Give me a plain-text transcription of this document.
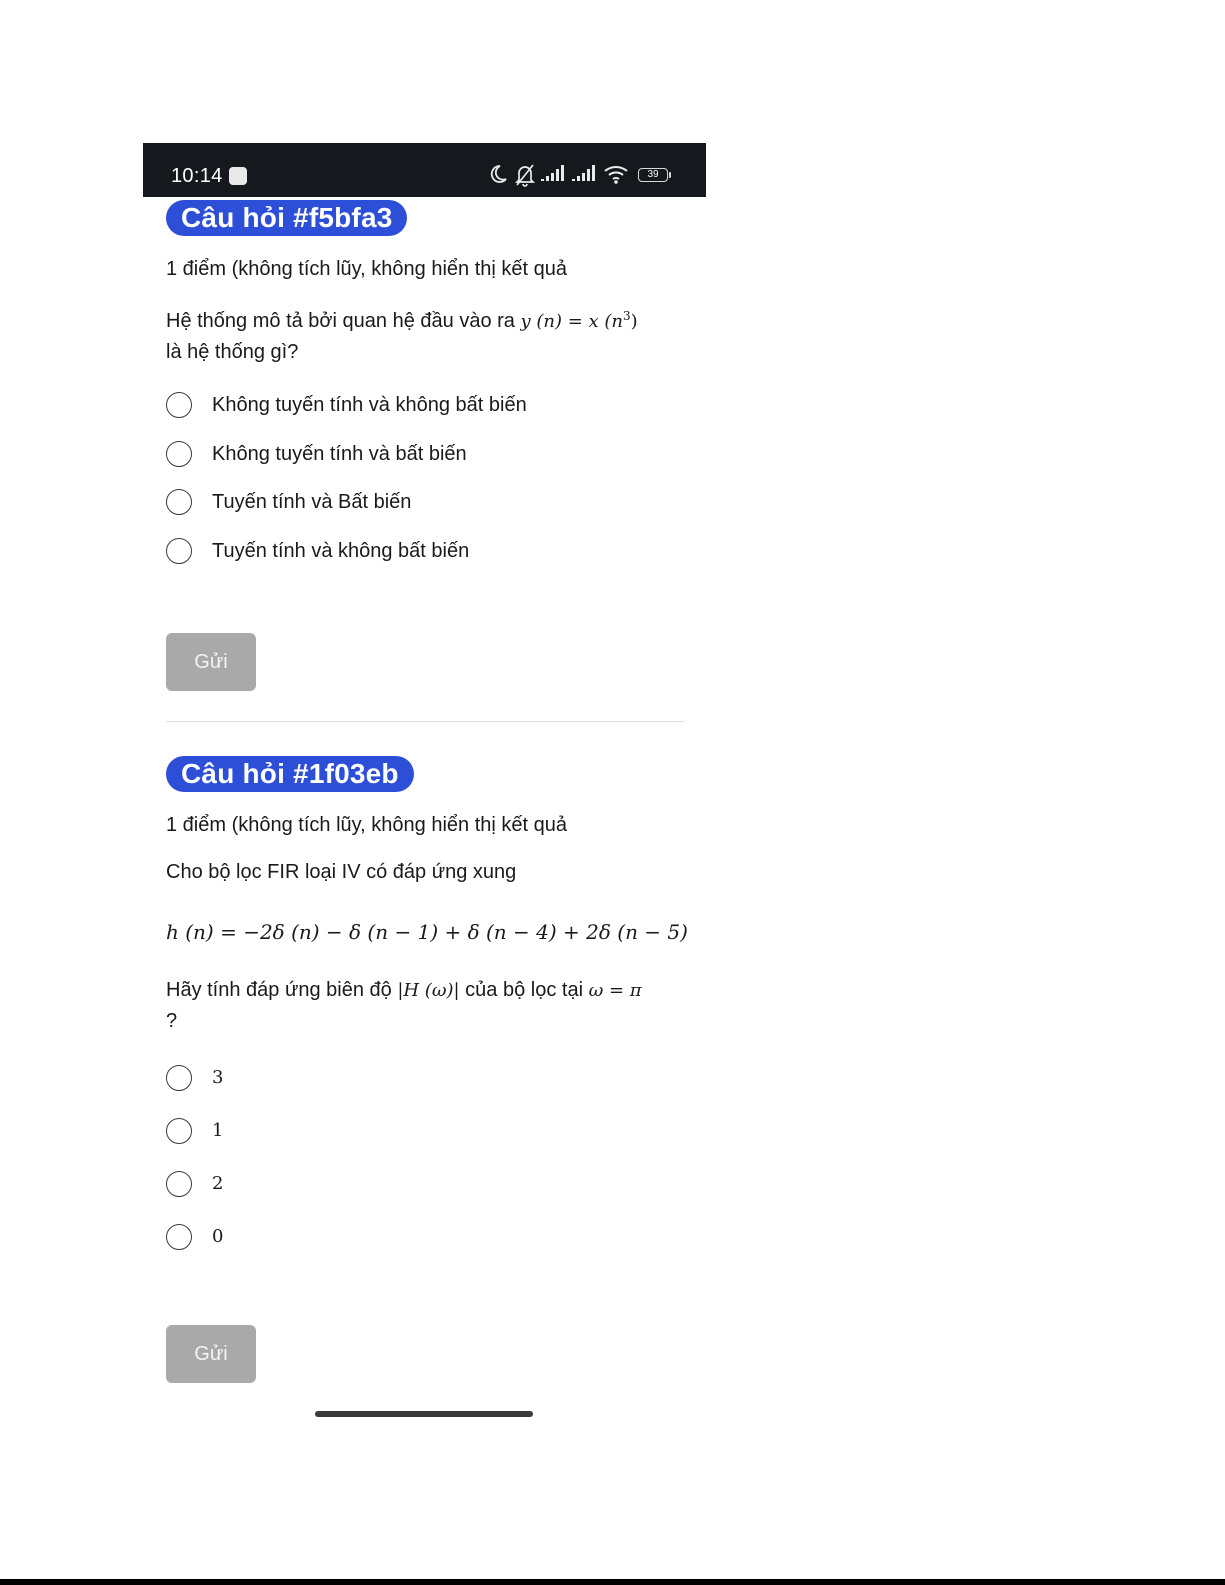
10:14	39
Câu hỏi #f5bfa3
1 điểm (không tích lũy, không hiển thị kết quả
Hệ thống mô tả bởi quan hệ đầu vào ra y (n) = x $(n^3)$
là hệ thống gì?
Không tuyến tính và không bất biến
Không tuyến tính và bất biến
Tuyến tính và Bất biến
Tuyến tính và không bất biến
Gửi
Câu hỏi #1f03eb
1 điểm (không tích lũy, không hiển thị kết quả
Cho bộ lọc FIR loại IV có đáp ứng xung
h (n) = −2δ (n) − δ (n − 1) + δ (n − 4) + 2δ (n − 5)
Hãy tính đáp ứng biên độ |H (ω)| của bộ lọc tại ω = π
?
3
1
2
0
Gửi
